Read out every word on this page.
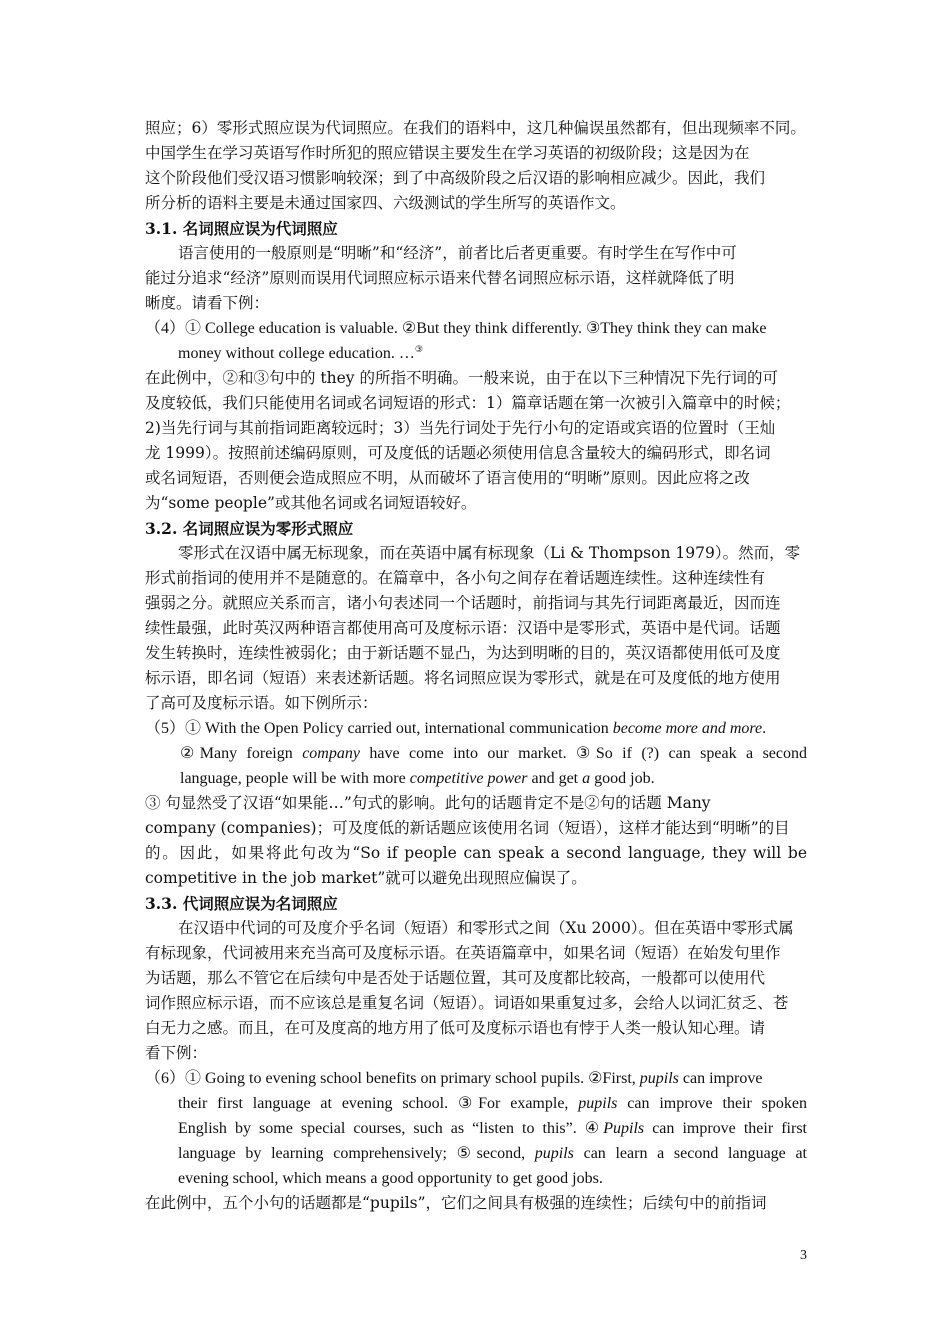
照应；6）零形式照应误为代词照应。在我们的语料中，这几种偏误虽然都有，但出现频率不同。
中国学生在学习英语写作时所犯的照应错误主要发生在学习英语的初级阶段；这是因为在
这个阶段他们受汉语习惯影响较深；到了中高级阶段之后汉语的影响相应减少。因此，我们
所分析的语料主要是未通过国家四、六级测试的学生所写的英语作文。
3.1. 名词照应误为代词照应
语言使用的一般原则是“明晰”和“经济”，前者比后者更重要。有时学生在写作中可
能过分追求“经济”原则而误用代词照应标示语来代替名词照应标示语，这样就降低了明
晰度。请看下例：
（4）① College education is valuable. ②But they think differently. ③They think they can make
money without college education. …③
在此例中，②和③句中的 they 的所指不明确。一般来说，由于在以下三种情况下先行词的可
及度较低，我们只能使用名词或名词短语的形式：1）篇章话题在第一次被引入篇章中的时候；
2)当先行词与其前指词距离较远时；3）当先行词处于先行小句的定语或宾语的位置时（王灿
龙 1999）。按照前述编码原则，可及度低的话题必须使用信息含量较大的编码形式，即名词
或名词短语，否则便会造成照应不明，从而破坏了语言使用的“明晰”原则。因此应将之改
为“some people”或其他名词或名词短语较好。
3.2. 名词照应误为零形式照应
零形式在汉语中属无标现象，而在英语中属有标现象（Li & Thompson 1979）。然而，零
形式前指词的使用并不是随意的。在篇章中，各小句之间存在着话题连续性。这种连续性有
强弱之分。就照应关系而言，诸小句表述同一个话题时，前指词与其先行词距离最近，因而连
续性最强，此时英汉两种语言都使用高可及度标示语：汉语中是零形式，英语中是代词。话题
发生转换时，连续性被弱化；由于新话题不显凸，为达到明晰的目的，英汉语都使用低可及度
标示语，即名词（短语）来表述新话题。将名词照应误为零形式，就是在可及度低的地方使用
了高可及度标示语。如下例所示：
（5）① With the Open Policy carried out, international communication become more and more.
②Many foreign company have come into our market. ③So if (?) can speak a second
language, people will be with more competitive power and get a good job.
③ 句显然受了汉语“如果能…”句式的影响。此句的话题肯定不是②句的话题 Many
company (companies)；可及度低的新话题应该使用名词（短语），这样才能达到“明晰”的目
的。因此，如果将此句改为“So if people can speak a second language, they will be
competitive in the job market”就可以避免出现照应偏误了。
3.3. 代词照应误为名词照应
在汉语中代词的可及度介乎名词（短语）和零形式之间（Xu 2000）。但在英语中零形式属
有标现象，代词被用来充当高可及度标示语。在英语篇章中，如果名词（短语）在始发句里作
为话题，那么不管它在后续句中是否处于话题位置，其可及度都比较高，一般都可以使用代
词作照应标示语，而不应该总是重复名词（短语）。词语如果重复过多，会给人以词汇贫乏、苍
白无力之感。而且，在可及度高的地方用了低可及度标示语也有悖于人类一般认知心理。请
看下例：
（6）① Going to evening school benefits on primary school pupils. ②First, pupils can improve
their first language at evening school. ③For example, pupils can improve their spoken
English by some special courses, such as “listen to this”. ④Pupils can improve their first
language by learning comprehensively; ⑤second, pupils can learn a second language at
evening school, which means a good opportunity to get good jobs.
在此例中，五个小句的话题都是“pupils”，它们之间具有极强的连续性；后续句中的前指词
3
